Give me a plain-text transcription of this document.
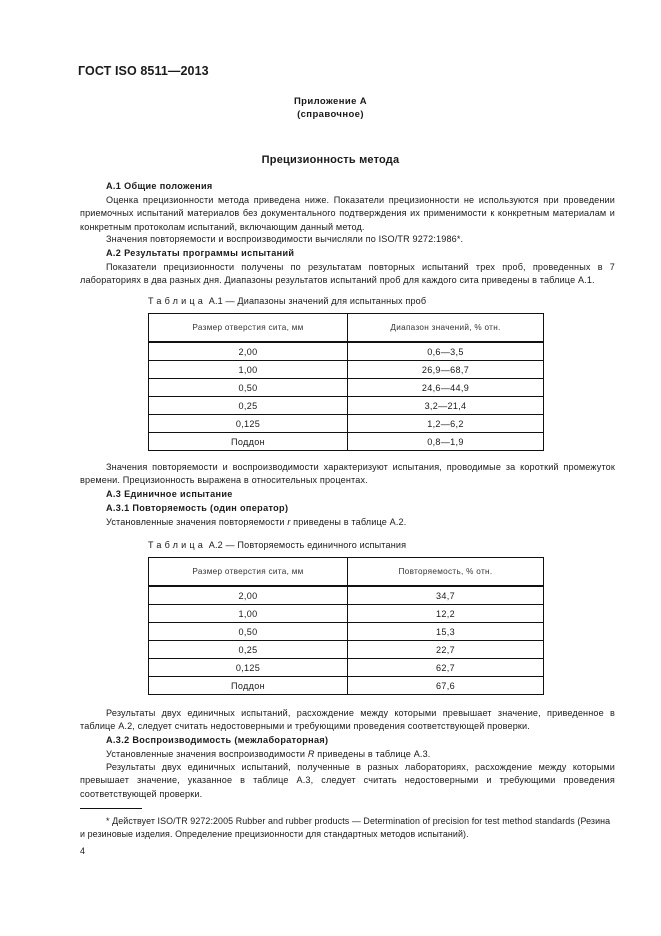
ГОСТ ISO 8511—2013
Приложение А
(справочное)
Прецизионность метода
А.1 Общие положения
Оценка прецизионности метода приведена ниже. Показатели прецизионности не используются при проведении приемочных испытаний материалов без документального подтверждения их применимости к конкретным материалам и конкретным протоколам испытаний, включающим данный метод.
Значения повторяемости и воспроизводимости вычисляли по ISO/TR 9272:1986*.
А.2 Результаты программы испытаний
Показатели прецизионности получены по результатам повторных испытаний трех проб, проведенных в 7 лабораториях в два разных дня. Диапазоны результатов испытаний проб для каждого сита приведены в таблице А.1.
Таблица А.1 — Диапазоны значений для испытанных проб
Размер отверстия сита, мм	Диапазон значений, % отн.
2,00	0,6—3,5
1,00	26,9—68,7
0,50	24,6—44,9
0,25	3,2—21,4
0,125	1,2—6,2
Поддон	0,8—1,9
Значения повторяемости и воспроизводимости характеризуют испытания, проводимые за короткий промежуток времени. Прецизионность выражена в относительных процентах.
А.3 Единичное испытание
А.3.1 Повторяемость (один оператор)
Установленные значения повторяемости r приведены в таблице А.2.
Таблица А.2 — Повторяемость единичного испытания
Размер отверстия сита, мм	Повторяемость, % отн.
2,00	34,7
1,00	12,2
0,50	15,3
0,25	22,7
0,125	62,7
Поддон	67,6
Результаты двух единичных испытаний, расхождение между которыми превышает значение, приведенное в таблице А.2, следует считать недостоверными и требующими проведения соответствующей проверки.
А.3.2 Воспроизводимость (межлабораторная)
Установленные значения воспроизводимости R приведены в таблице А.3.
Результаты двух единичных испытаний, полученные в разных лабораториях, расхождение между которыми превышает значение, указанное в таблице А.3, следует считать недостоверными и требующими проведения соответствующей проверки.
* Действует ISO/TR 9272:2005 Rubber and rubber products — Determination of precision for test method standards (Резина и резиновые изделия. Определение прецизионности для стандартных методов испытаний).
4
